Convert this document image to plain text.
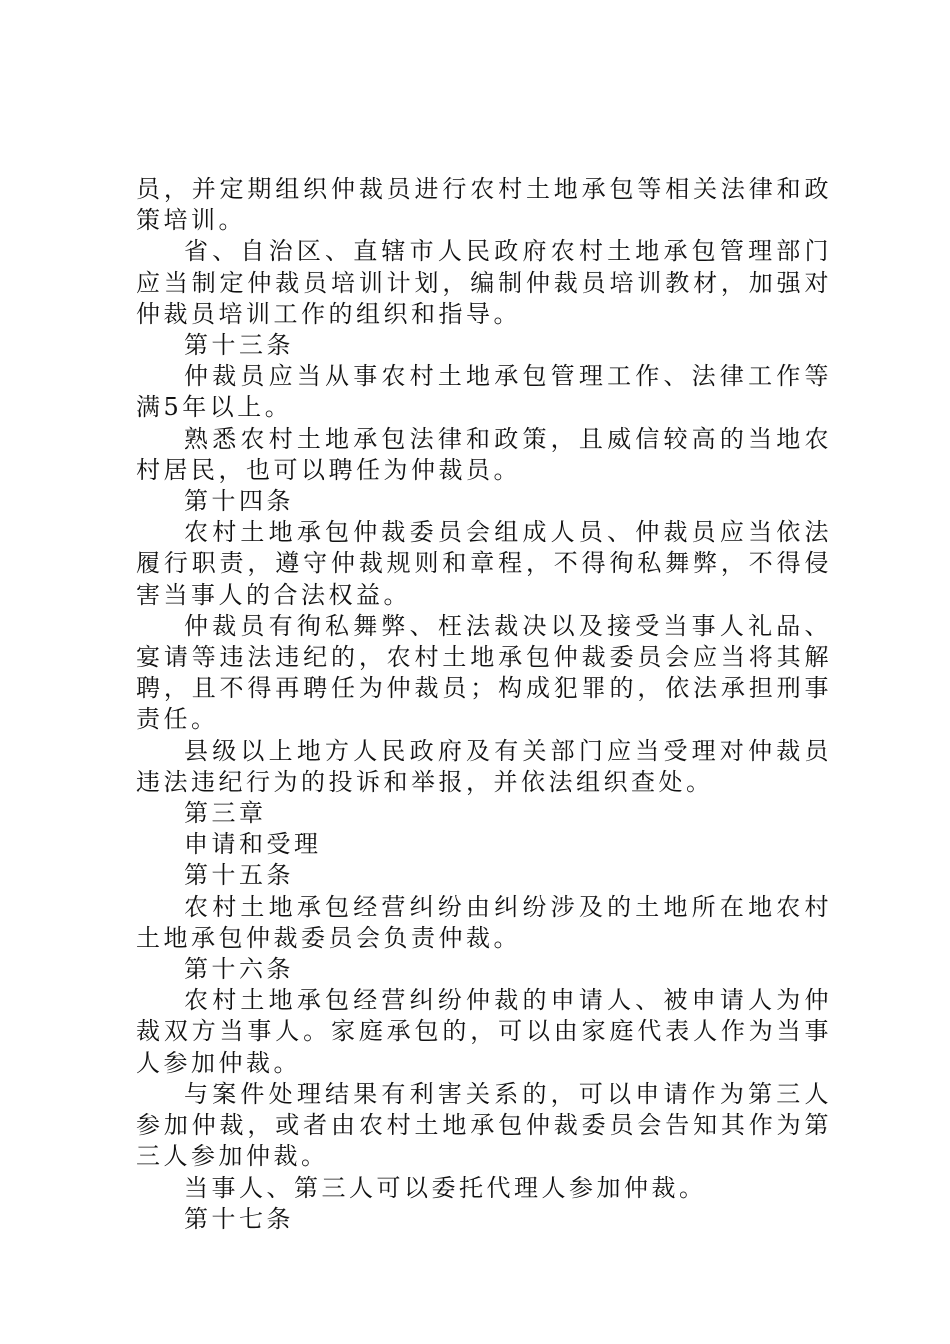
员，并定期组织仲裁员进行农村土地承包等相关法律和政策培训。

省、自治区、直辖市人民政府农村土地承包管理部门应当制定仲裁员培训计划，编制仲裁员培训教材，加强对仲裁员培训工作的组织和指导。

第十三条

仲裁员应当从事农村土地承包管理工作、法律工作等满5年以上。

熟悉农村土地承包法律和政策，且威信较高的当地农村居民，也可以聘任为仲裁员。

第十四条

农村土地承包仲裁委员会组成人员、仲裁员应当依法履行职责，遵守仲裁规则和章程，不得徇私舞弊，不得侵害当事人的合法权益。

仲裁员有徇私舞弊、枉法裁决以及接受当事人礼品、宴请等违法违纪的，农村土地承包仲裁委员会应当将其解聘，且不得再聘任为仲裁员；构成犯罪的，依法承担刑事责任。

县级以上地方人民政府及有关部门应当受理对仲裁员违法违纪行为的投诉和举报，并依法组织查处。

第三章

申请和受理

第十五条

农村土地承包经营纠纷由纠纷涉及的土地所在地农村土地承包仲裁委员会负责仲裁。

第十六条

农村土地承包经营纠纷仲裁的申请人、被申请人为仲裁双方当事人。家庭承包的，可以由家庭代表人作为当事人参加仲裁。

与案件处理结果有利害关系的，可以申请作为第三人参加仲裁，或者由农村土地承包仲裁委员会告知其作为第三人参加仲裁。

当事人、第三人可以委托代理人参加仲裁。

第十七条
